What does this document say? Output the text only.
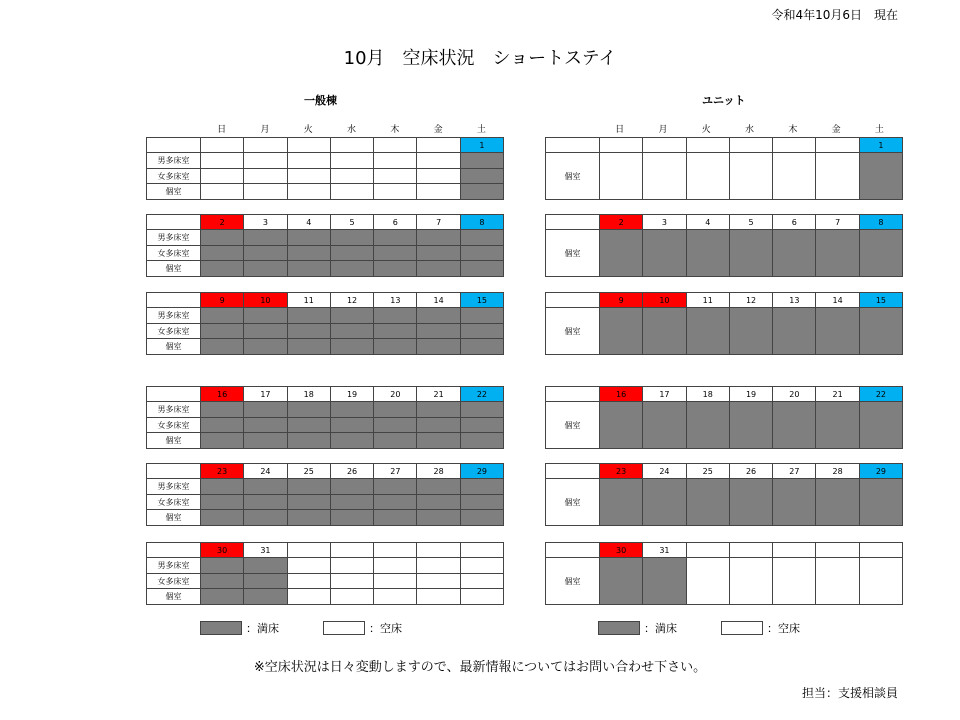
令和4年10月6日　現在
10月　空床状況　ショートステイ
一般棟	ユニット
日	月	火	水	木	金	土	日	月	火	水	木	金	土
							1
男多床室							
女多床室							
個室							
	2	3	4	5	6	7	8
男多床室							
女多床室							
個室							
	9	10	11	12	13	14	15
男多床室							
女多床室							
個室							
	16	17	18	19	20	21	22
男多床室							
女多床室							
個室							
	23	24	25	26	27	28	29
男多床室							
女多床室							
個室							
	30	31					
男多床室							
女多床室							
個室							
							1
個室							
	2	3	4	5	6	7	8
個室							
	9	10	11	12	13	14	15
個室							
	16	17	18	19	20	21	22
個室							
	23	24	25	26	27	28	29
個室							
	30	31					
個室							
：満床	：空床	：満床	：空床
※空床状況は日々変動しますので、最新情報についてはお問い合わせ下さい。
担当：支援相談員
